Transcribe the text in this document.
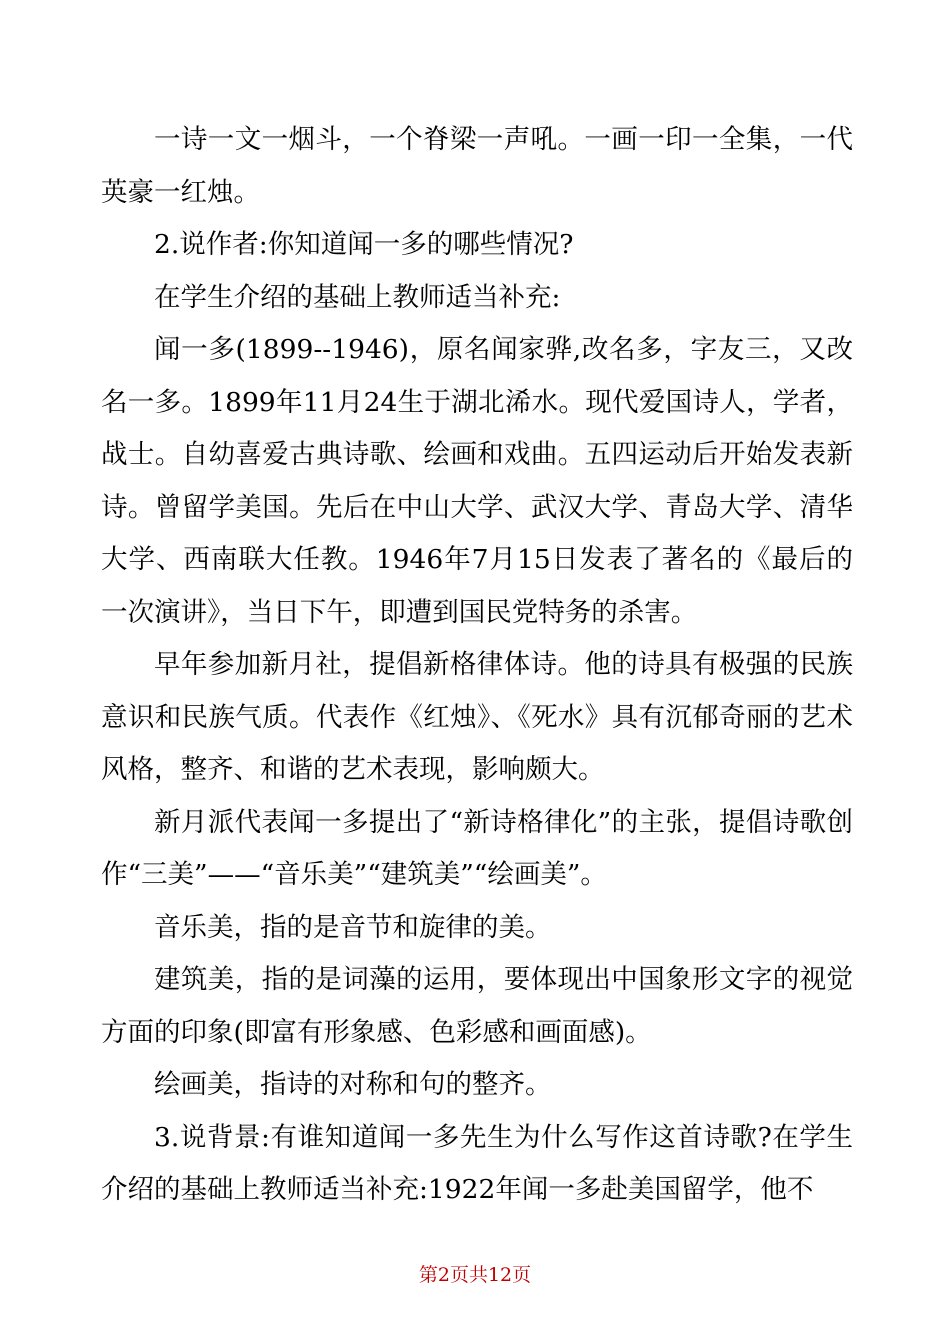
一诗一文一烟斗，一个脊梁一声吼。一画一印一全集，一代英豪一红烛。

2.说作者:你知道闻一多的哪些情况?

在学生介绍的基础上教师适当补充:

闻一多(1899--1946)，原名闻家骅,改名多，字友三，又改名一多。1899年11月24生于湖北浠水。现代爱国诗人，学者，战士。自幼喜爱古典诗歌、绘画和戏曲。五四运动后开始发表新诗。曾留学美国。先后在中山大学、武汉大学、青岛大学、清华大学、西南联大任教。1946年7月15日发表了著名的《最后的一次演讲》，当日下午，即遭到国民党特务的杀害。

早年参加新月社，提倡新格律体诗。他的诗具有极强的民族意识和民族气质。代表作《红烛》、《死水》具有沉郁奇丽的艺术风格，整齐、和谐的艺术表现，影响颇大。

新月派代表闻一多提出了“新诗格律化”的主张，提倡诗歌创作“三美”——“音乐美”“建筑美”“绘画美”。

音乐美，指的是音节和旋律的美。

建筑美，指的是词藻的运用，要体现出中国象形文字的视觉方面的印象(即富有形象感、色彩感和画面感)。

绘画美，指诗的对称和句的整齐。

3.说背景:有谁知道闻一多先生为什么写作这首诗歌?在学生介绍的基础上教师适当补充:1922年闻一多赴美国留学，他不

第2页共12页
